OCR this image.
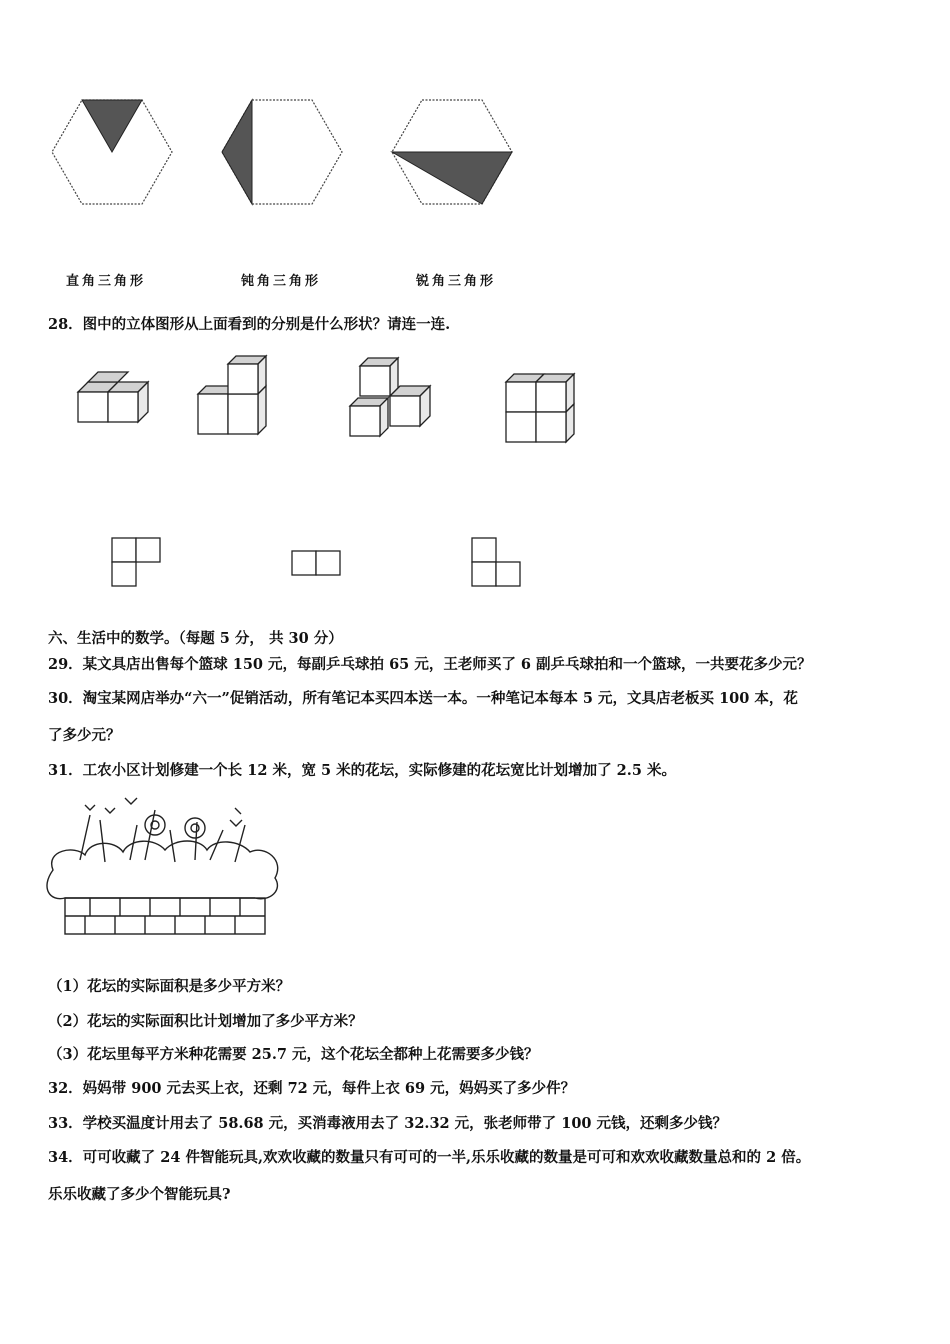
直角三角形	钝角三角形	锐角三角形
28．图中的立体图形从上面看到的分别是什么形状？请连一连.
六、生活中的数学。（每题 5 分， 共 30 分）
29．某文具店出售每个篮球 150 元，每副乒乓球拍 65 元，王老师买了 6 副乒乓球拍和一个篮球，一共要花多少元？
30．淘宝某网店举办“六一”促销活动，所有笔记本买四本送一本。一种笔记本每本 5 元，文具店老板买 100 本，花
了多少元？
31．工农小区计划修建一个长 12 米，宽 5 米的花坛，实际修建的花坛宽比计划增加了 2.5 米。
（1）花坛的实际面积是多少平方米？
（2）花坛的实际面积比计划增加了多少平方米？
（3）花坛里每平方米种花需要 25.7 元，这个花坛全都种上花需要多少钱？
32．妈妈带 900 元去买上衣，还剩 72 元，每件上衣 69 元，妈妈买了多少件？
33．学校买温度计用去了 58.68 元，买消毒液用去了 32.32 元，张老师带了 100 元钱，还剩多少钱？
34．可可收藏了 24 件智能玩具,欢欢收藏的数量只有可可的一半,乐乐收藏的数量是可可和欢欢收藏数量总和的 2 倍。
乐乐收藏了多少个智能玩具?
